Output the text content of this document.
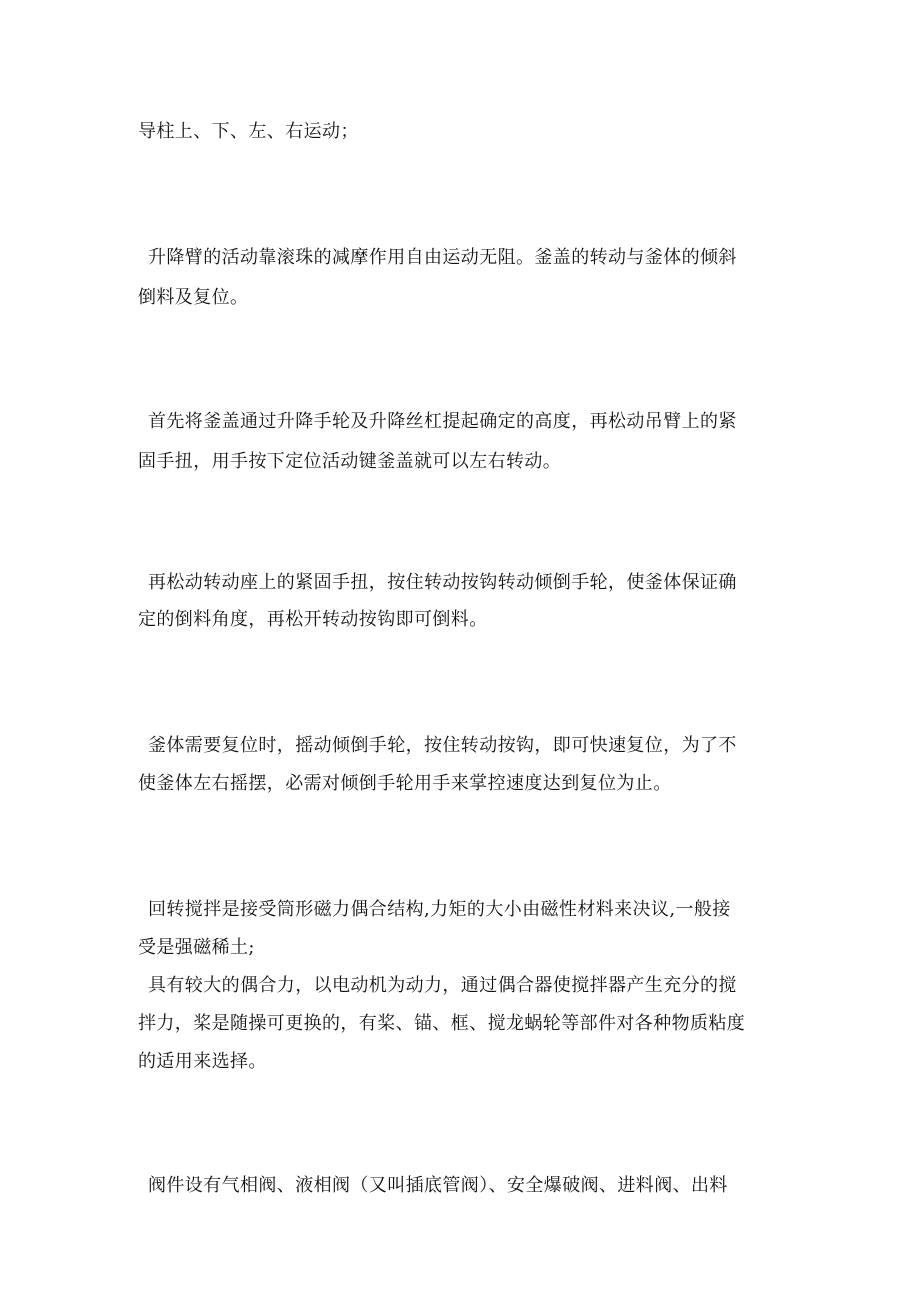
导柱上、下、左、右运动；
升降臂的活动靠滚珠的减摩作用自由运动无阻。釜盖的转动与釜体的倾斜
倒料及复位。
首先将釜盖通过升降手轮及升降丝杠提起确定的高度，再松动吊臂上的紧
固手扭，用手按下定位活动键釜盖就可以左右转动。
再松动转动座上的紧固手扭，按住转动按钩转动倾倒手轮，使釜体保证确
定的倒料角度，再松开转动按钩即可倒料。
釜体需要复位时，摇动倾倒手轮，按住转动按钩，即可快速复位，为了不
使釜体左右摇摆，必需对倾倒手轮用手来掌控速度达到复位为止。
回转搅拌是接受筒形磁力偶合结构,力矩的大小由磁性材料来决议,一般接
受是强磁稀土;
具有较大的偶合力，以电动机为动力，通过偶合器使搅拌器产生充分的搅
拌力，桨是随操可更换的，有桨、锚、框、搅龙蜗轮等部件对各种物质粘度
的适用来选择。
阀件设有气相阀、液相阀（又叫插底管阀）、安全爆破阀、进料阀、出料
